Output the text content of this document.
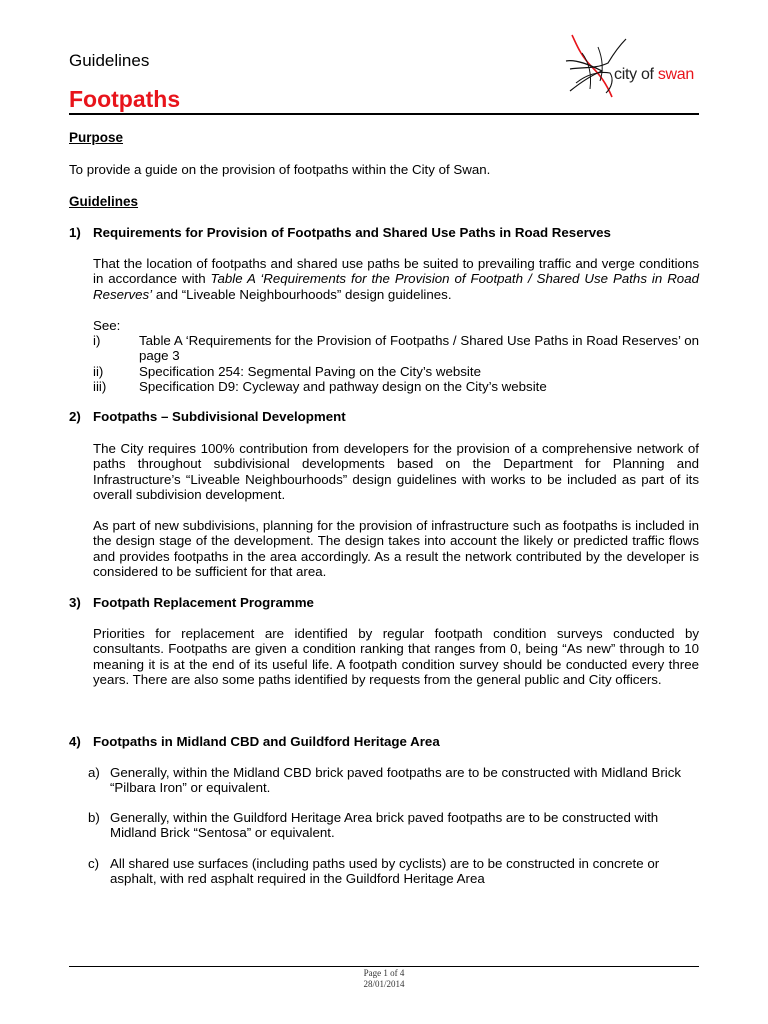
Guidelines
Footpaths
city of swan
Purpose
To provide a guide on the provision of footpaths within the City of Swan.
Guidelines
1) Requirements for Provision of Footpaths and Shared Use Paths in Road Reserves
That the location of footpaths and shared use paths be suited to prevailing traffic and verge conditions in accordance with Table A ‘Requirements for the Provision of Footpath / Shared Use Paths in Road Reserves’ and “Liveable Neighbourhoods” design guidelines.
See:
i)	Table A ‘Requirements for the Provision of Footpaths / Shared Use Paths in Road Reserves’ on page 3
ii)	Specification 254: Segmental Paving on the City’s website
iii) Specification D9: Cycleway and pathway design on the City’s website
2) Footpaths – Subdivisional Development
The City requires 100% contribution from developers for the provision of a comprehensive network of paths throughout subdivisional developments based on the Department for Planning and Infrastructure’s “Liveable Neighbourhoods” design guidelines with works to be included as part of its overall subdivision development.
As part of new subdivisions, planning for the provision of infrastructure such as footpaths is included in the design stage of the development. The design takes into account the likely or predicted traffic flows and provides footpaths in the area accordingly. As a result the network contributed by the developer is considered to be sufficient for that area.
3) Footpath Replacement Programme
Priorities for replacement are identified by regular footpath condition surveys conducted by consultants. Footpaths are given a condition ranking that ranges from 0, being “As new” through to 10 meaning it is at the end of its useful life. A footpath condition survey should be conducted every three years. There are also some paths identified by requests from the general public and City officers.
4) Footpaths in Midland CBD and Guildford Heritage Area
a) Generally, within the Midland CBD brick paved footpaths are to be constructed with Midland Brick “Pilbara Iron” or equivalent.
b) Generally, within the Guildford Heritage Area brick paved footpaths are to be constructed with Midland Brick “Sentosa” or equivalent.
c) All shared use surfaces (including paths used by cyclists) are to be constructed in concrete or asphalt, with red asphalt required in the Guildford Heritage Area
Page 1 of 4
28/01/2014
